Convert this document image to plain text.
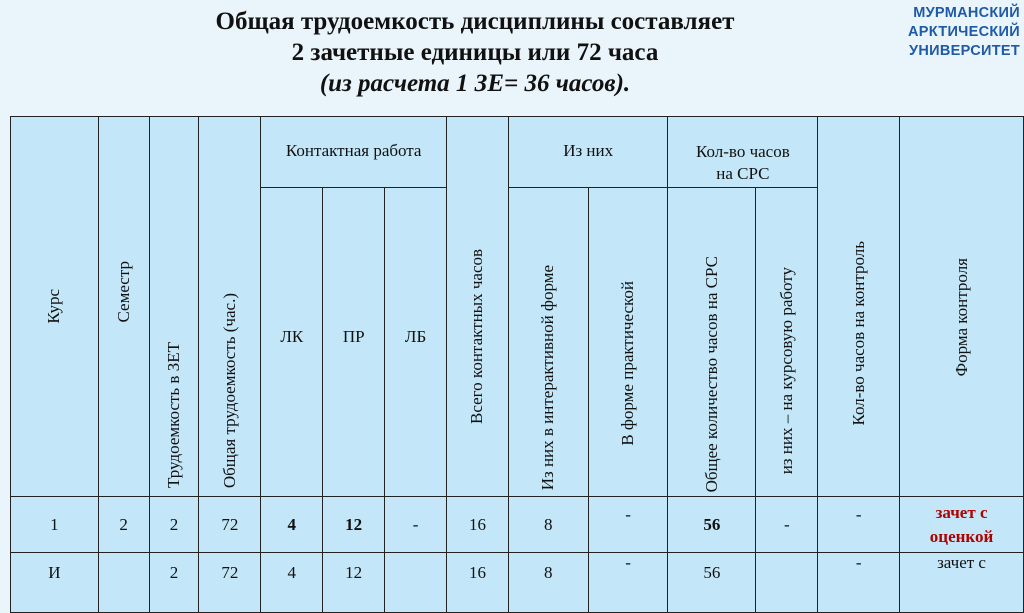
Общая трудоемкость дисциплины составляет
2 зачетные единицы или 72 часа
(из расчета 1 ЗЕ= 36 часов).
МУРМАНСКИЙ
АРКТИЧЕСКИЙ
УНИВЕРСИТЕТ
Курс	Семестр	Трудоемкость в ЗЕТ	Общая трудоемкость (час.)	Контактная работа			Всего контактных часов	Из них		Кол-во часов на СРС		Кол-во часов на контроль	Форма контроля

				ЛК	ПР	ЛБ		Из них в интерактивной форме	В форме практической	Общее количество часов на СРС	из них – на курсовую работу		

1	2	2	72	4	12	-	16	8	-	56	-	-	зачет с
оценкой

И		2	72	4	12		16	8	-	56		-	зачет с
